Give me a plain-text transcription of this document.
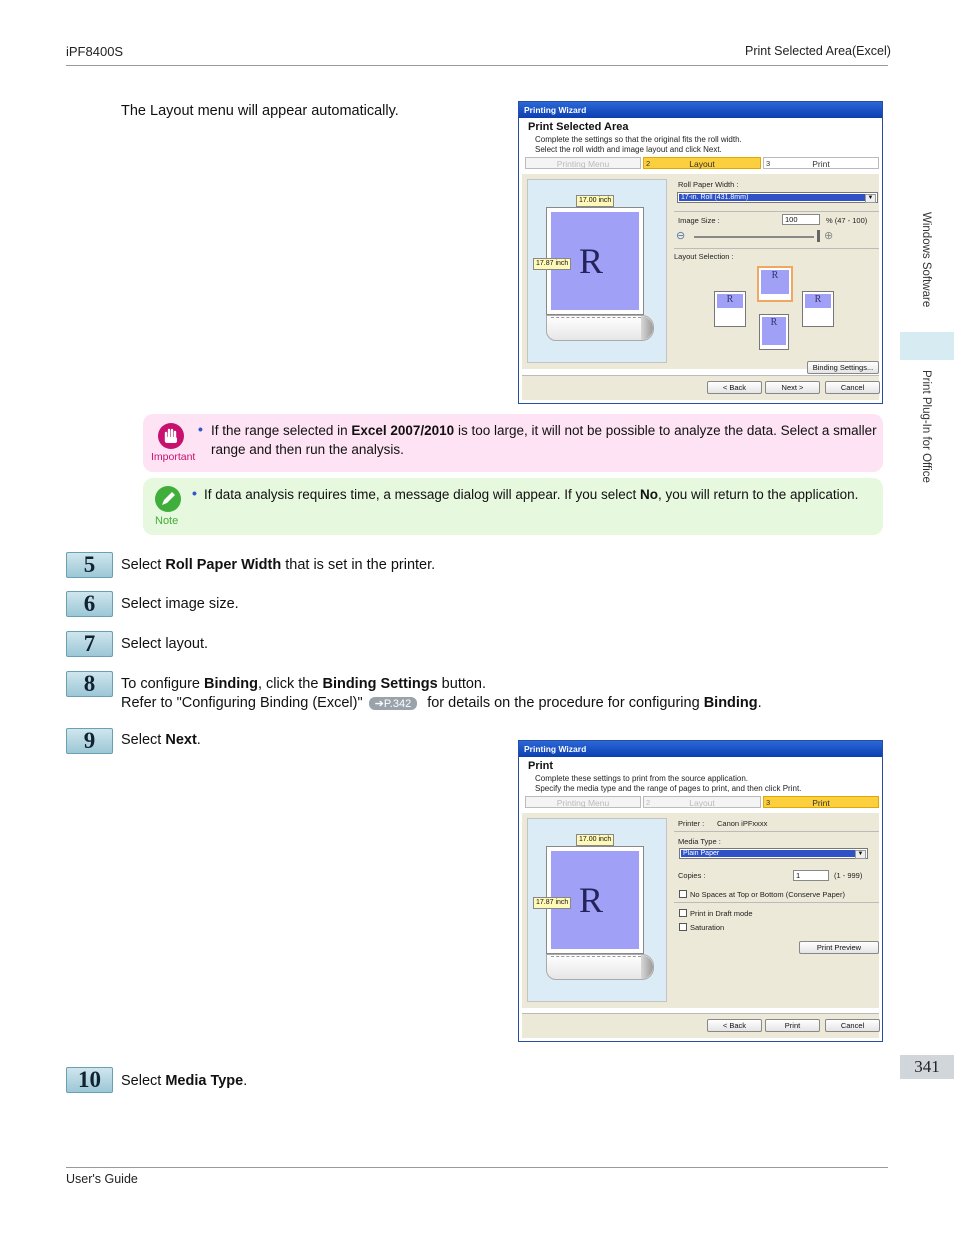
iPF8400S	Print Selected Area(Excel)
Windows Software
Print Plug-In for Office
341
The Layout menu will appear automatically.	Printing Wizard
Print Selected Area
Complete the settings so that the original fits the roll width.
Select the roll width and image layout and click Next.
Printing Menu	2	Layout	3	Print
17.00 inch
R
17.87 inch
Roll Paper Width :
17-in. Roll (431.8mm)	▼
Image Size :	100	% (47 - 100)
⊖	⊕
Layout Selection :
R
R	R
R
Binding Settings...
< Back	Next >	Cancel
Important
• If the range selected in Excel 2007/2010 is too large, it will not be possible to analyze the data. Select a smaller
range and then run the analysis.
Note
• If data analysis requires time, a message dialog will appear. If you select No, you will return to the application.
5	Select Roll Paper Width that is set in the printer.
6	Select image size.
7	Select layout.
8	To configure Binding, click the Binding Settings button.
Refer to "Configuring Binding (Excel)" ➔P.342 for details on the procedure for configuring Binding.
9	Select Next.
Printing Wizard
Print
Complete these settings to print from the source application.
Specify the media type and the range of pages to print, and then click Print.
Printing Menu	2	Layout	3	Print
17.00 inch
R
17.87 inch
Printer : Canon iPFxxxx
Media Type :
Plain Paper	▼
Copies :	1	(1 - 999)
No Spaces at Top or Bottom (Conserve Paper)
Print in Draft mode
Saturation
Print Preview
< Back	Print	Cancel
10	Select Media Type.
User's Guide
